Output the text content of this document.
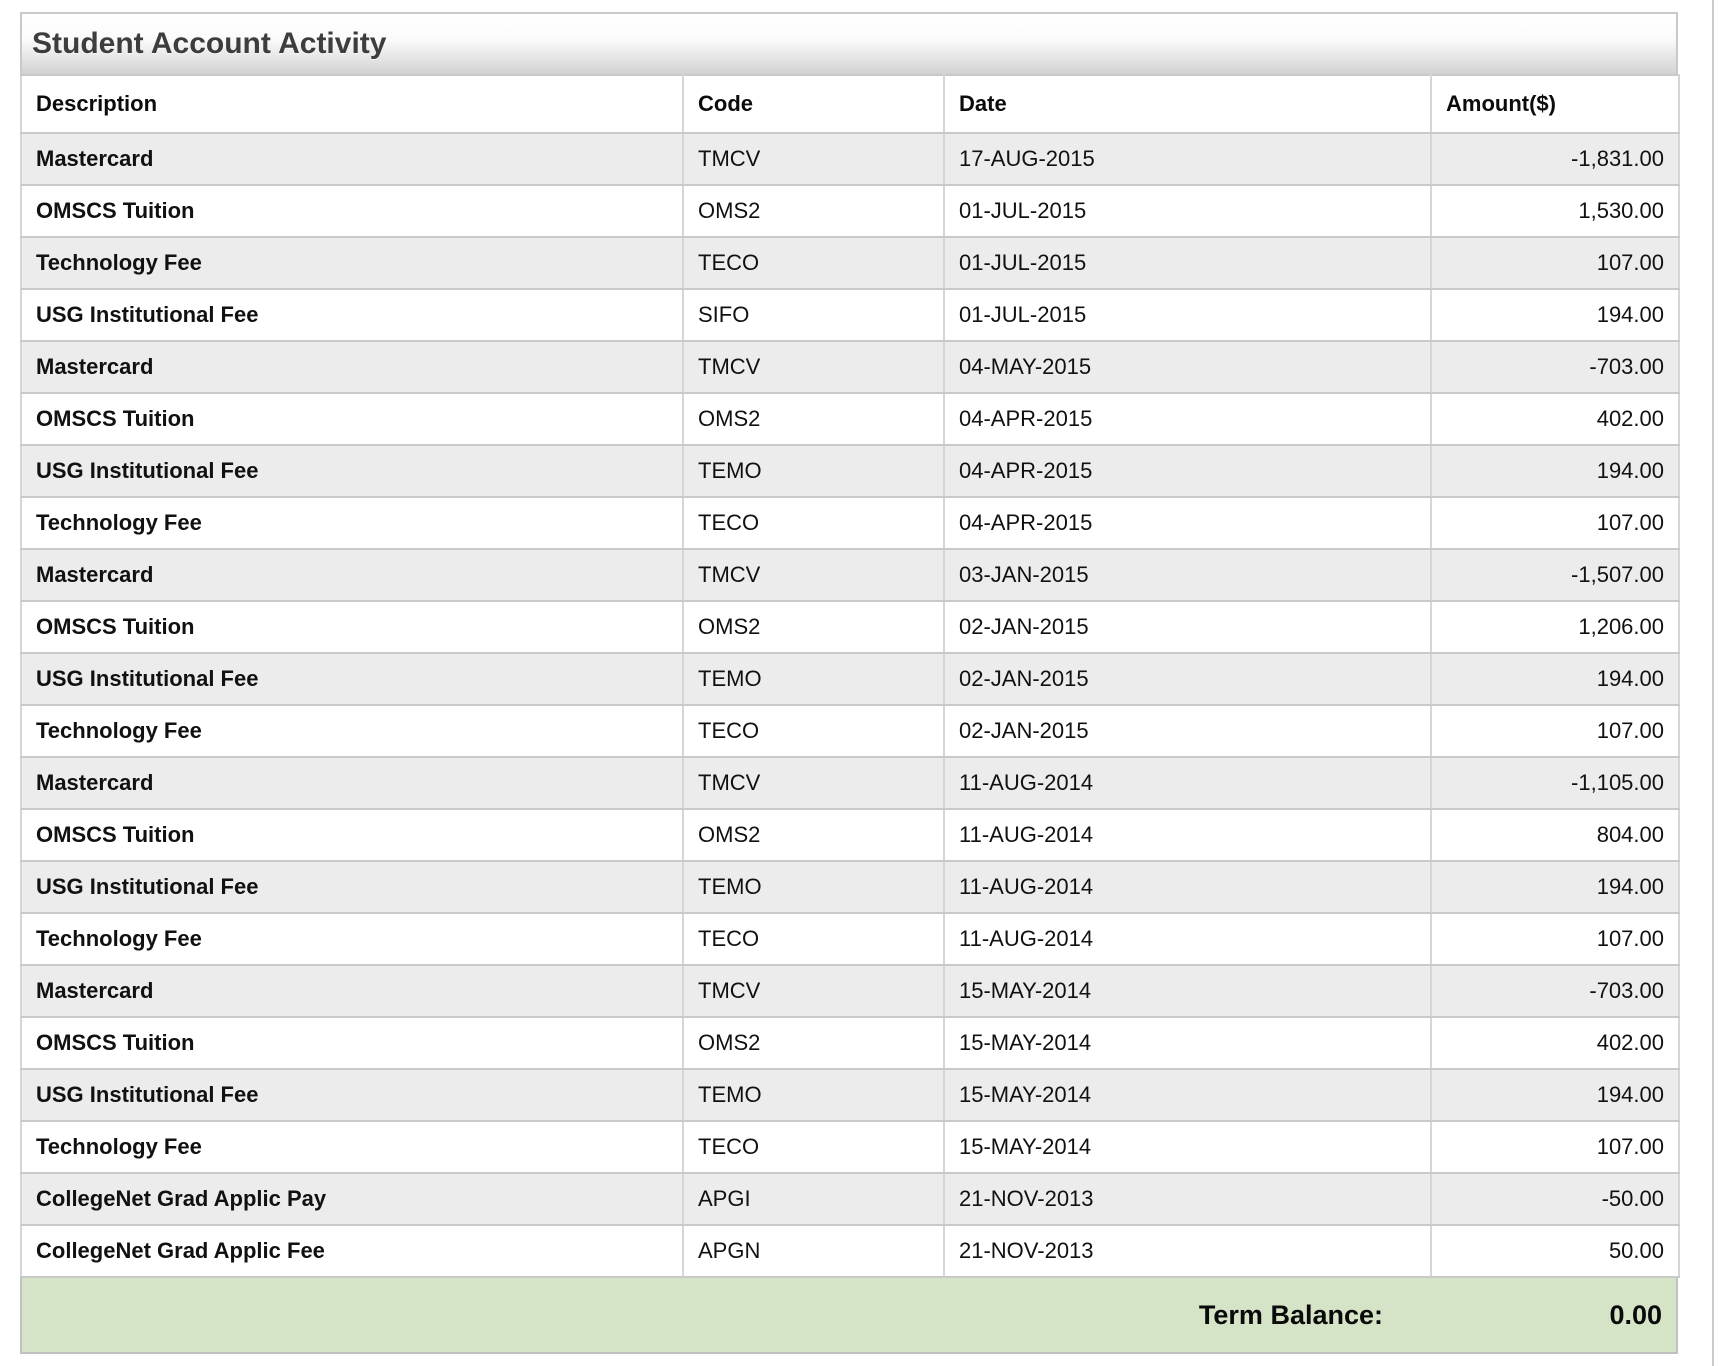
Student Account Activity
Description	Code	Date	Amount($)
Mastercard	TMCV	17-AUG-2015	-1,831.00
OMSCS Tuition	OMS2	01-JUL-2015	1,530.00
Technology Fee	TECO	01-JUL-2015	107.00
USG Institutional Fee	SIFO	01-JUL-2015	194.00
Mastercard	TMCV	04-MAY-2015	-703.00
OMSCS Tuition	OMS2	04-APR-2015	402.00
USG Institutional Fee	TEMO	04-APR-2015	194.00
Technology Fee	TECO	04-APR-2015	107.00
Mastercard	TMCV	03-JAN-2015	-1,507.00
OMSCS Tuition	OMS2	02-JAN-2015	1,206.00
USG Institutional Fee	TEMO	02-JAN-2015	194.00
Technology Fee	TECO	02-JAN-2015	107.00
Mastercard	TMCV	11-AUG-2014	-1,105.00
OMSCS Tuition	OMS2	11-AUG-2014	804.00
USG Institutional Fee	TEMO	11-AUG-2014	194.00
Technology Fee	TECO	11-AUG-2014	107.00
Mastercard	TMCV	15-MAY-2014	-703.00
OMSCS Tuition	OMS2	15-MAY-2014	402.00
USG Institutional Fee	TEMO	15-MAY-2014	194.00
Technology Fee	TECO	15-MAY-2014	107.00
CollegeNet Grad Applic Pay	APGI	21-NOV-2013	-50.00
CollegeNet Grad Applic Fee	APGN	21-NOV-2013	50.00
Term Balance:	0.00
